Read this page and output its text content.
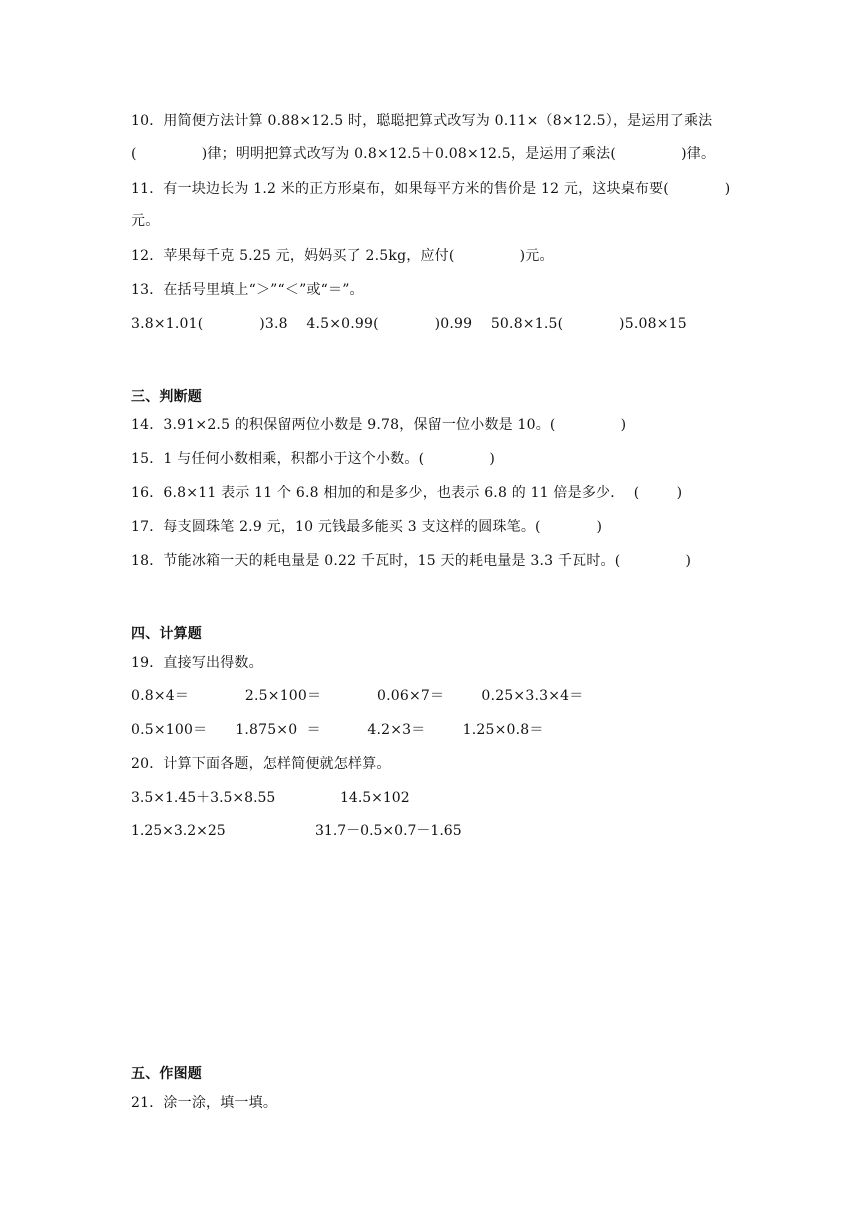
10．用简便方法计算 0.88×12.5 时，聪聪把算式改写为 0.11×（8×12.5），是运用了乘法

(              )律；明明把算式改写为 0.8×12.5＋0.08×12.5，是运用了乘法(              )律。

11．有一块边长为 1.2 米的正方形桌布，如果每平方米的售价是 12 元，这块桌布要(            )

元。

12．苹果每千克 5.25 元，妈妈买了 2.5kg，应付(              )元。

13．在括号里填上“＞”“＜”或“＝”。

3.8×1.01(            )3.8    4.5×0.99(            )0.99    50.8×1.5(            )5.08×15

三、判断题

14．3.91×2.5 的积保留两位小数是 9.78，保留一位小数是 10。(              )

15．1 与任何小数相乘，积都小于这个小数。(              )

16．6.8×11 表示 11 个 6.8 相加的和是多少，也表示 6.8 的 11 倍是多少．  (        )

17．每支圆珠笔 2.9 元，10 元钱最多能买 3 支这样的圆珠笔。(            )

18．节能冰箱一天的耗电量是 0.22 千瓦时，15 天的耗电量是 3.3 千瓦时。(              )

四、计算题

19．直接写出得数。

0.8×4＝            2.5×100＝            0.06×7＝        0.25×3.3×4＝

0.5×100＝      1.875×0  ＝          4.2×3＝        1.25×0.8＝

20．计算下面各题，怎样简便就怎样算。

3.5×1.45＋3.5×8.55	14.5×102

1.25×3.2×25	31.7－0.5×0.7－1.65

五、作图题

21．涂一涂，填一填。
